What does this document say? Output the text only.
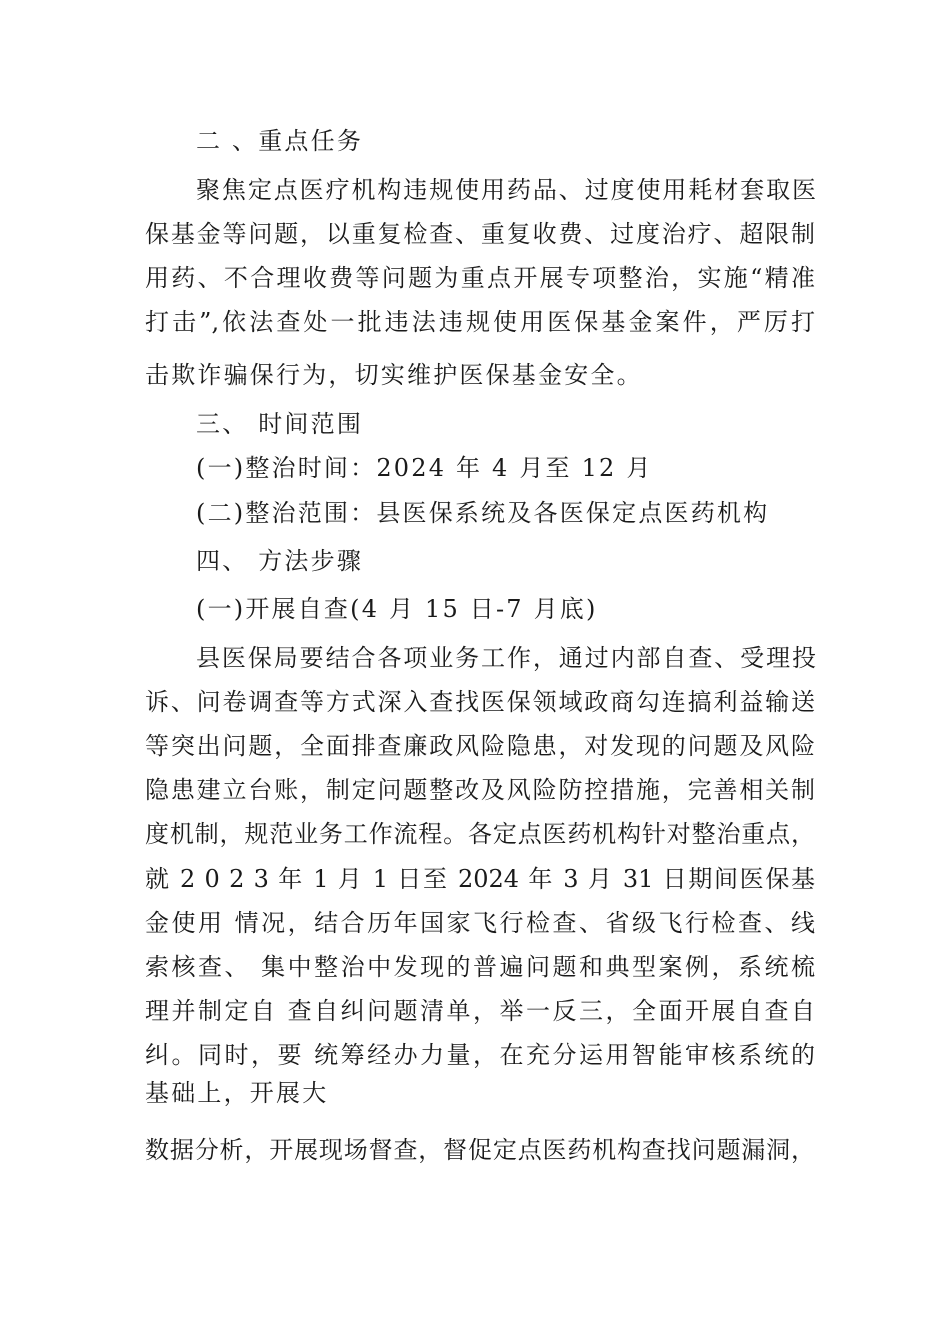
二 、重点任务
聚焦定点医疗机构违规使用药品、过度使用耗材套取医
保基金等问题，以重复检查、重复收费、过度治疗、超限制
用药、不合理收费等问题为重点开展专项整治，实施“精准
打击”,依法查处一批违法违规使用医保基金案件，严厉打
击欺诈骗保行为，切实维护医保基金安全。
三、 时间范围
(一)整治时间：2024 年 4 月至 12 月
(二)整治范围：县医保系统及各医保定点医药机构
四、 方法步骤
(一)开展自查(4 月 15 日-7 月底)
县医保局要结合各项业务工作，通过内部自查、受理投
诉、问卷调查等方式深入查找医保领域政商勾连搞利益输送
等突出问题，全面排查廉政风险隐患，对发现的问题及风险
隐患建立台账，制定问题整改及风险防控措施，完善相关制
度机制，规范业务工作流程。各定点医药机构针对整治重点，
就 2 0 2 3 年 1 月 1 日至 2024 年 3 月 31 日期间医保基
金使用 情况，结合历年国家飞行检查、省级飞行检查、线
索核查、 集中整治中发现的普遍问题和典型案例，系统梳
理并制定自 查自纠问题清单，举一反三，全面开展自查自
纠。同时，要 统筹经办力量，在充分运用智能审核系统的
基础上，开展大
数据分析，开展现场督查，督促定点医药机构查找问题漏洞，
